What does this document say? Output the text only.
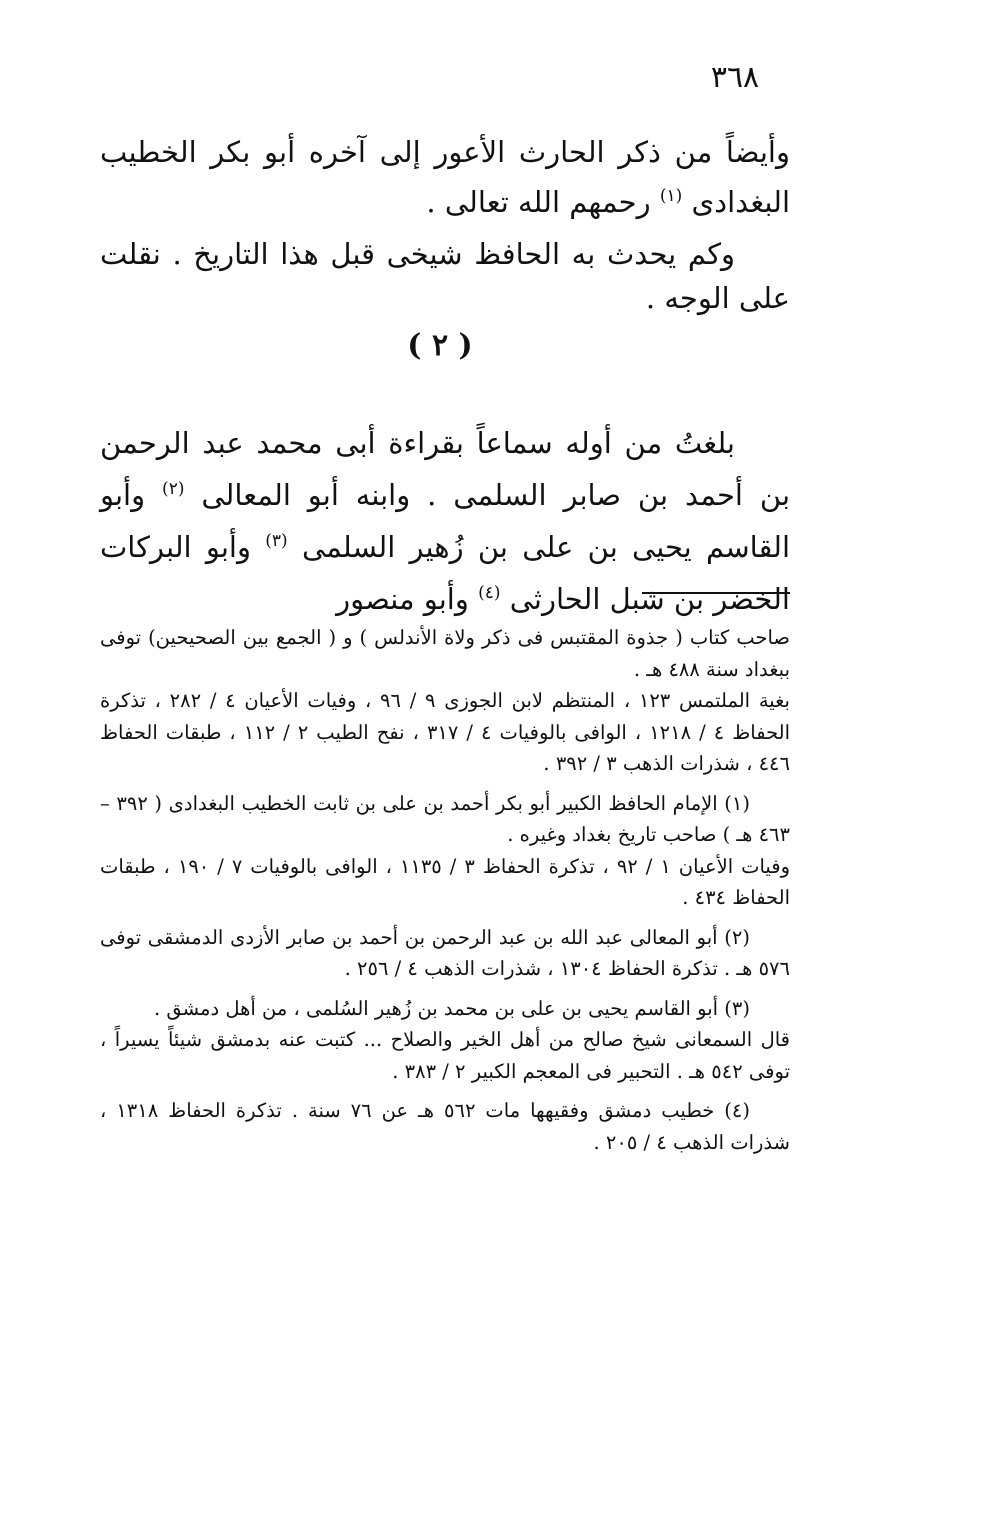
٣٦٨

وأيضاً من ذكر الحارث الأعور إلى آخره أبو بكر الخطيب البغدادى $^{(١)}$ رحمهم الله تعالى .

وكم يحدث به الحافظ شيخى قبل هذا التاريخ . نقلت على الوجه .

( ٢ )

بلغتُ من أوله سماعاً بقراءة أبى محمد عبد الرحمن بن أحمد بن صابر السلمى . وابنه أبو المعالى $^{(٢)}$ وأبو القاسم يحيى بن على بن زُهير السلمى $^{(٣)}$ وأبو البركات الخضر بن شبل الحارثى $^{(٤)}$ وأبو منصور

صاحب كتاب ( جذوة المقتبس فى ذكر ولاة الأندلس ) و ( الجمع بين الصحيحين) توفى ببغداد سنة ٤٨٨ هـ .

بغية الملتمس ١٢٣ ، المنتظم لابن الجوزى ٩ / ٩٦ ، وفيات الأعيان ٤ / ٢٨٢ ، تذكرة الحفاظ ٤ / ١٢١٨ ، الوافى بالوفيات ٤ / ٣١٧ ، نفح الطيب ٢ / ١١٢ ، طبقات الحفاظ ٤٤٦ ، شذرات الذهب ٣ / ٣٩٢ .

(١) الإمام الحافظ الكبير أبو بكر أحمد بن على بن ثابت الخطيب البغدادى ( ٣٩٢ – ٤٦٣ هـ ) صاحب تاريخ بغداد وغيره .

وفيات الأعيان ١ / ٩٢ ، تذكرة الحفاظ ٣ / ١١٣٥ ، الوافى بالوفيات ٧ / ١٩٠ ، طبقات الحفاظ ٤٣٤ .

(٢) أبو المعالى عبد الله بن عبد الرحمن بن أحمد بن صابر الأزدى الدمشقى توفى ٥٧٦ هـ . تذكرة الحفاظ ١٣٠٤ ، شذرات الذهب ٤ / ٢٥٦ .

(٣) أبو القاسم يحيى بن على بن محمد بن زُهير السُلمى ، من أهل دمشق .

قال السمعانى شيخ صالح من أهل الخير والصلاح ... كتبت عنه بدمشق شيئاً يسيراً ، توفى ٥٤٢ هـ . التحبير فى المعجم الكبير ٢ / ٣٨٣ .

(٤) خطيب دمشق وفقيهها مات ٥٦٢ هـ عن ٧٦ سنة . تذكرة الحفاظ ١٣١٨ ، شذرات الذهب ٤ / ٢٠٥ .
